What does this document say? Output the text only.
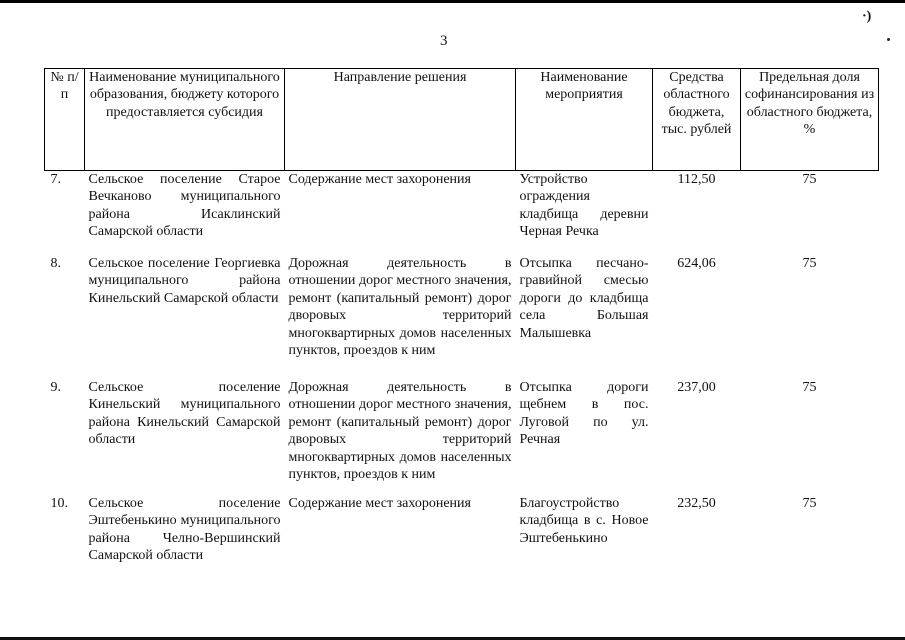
·)
3
№ п/п	Наименование муниципального образования, бюджету которого предоставляется субсидия	Направление решения	Наименование мероприятия	Средства областного бюджета, тыс. рублей	Предельная доля софинансирования из областного бюджета, %
7.	Сельское поселение Старое Вечканово муниципального района Исаклинский Самарской области	Содержание мест захоронения	Устройство ограждения кладбища деревни Черная Речка	112,50	75
8.	Сельское поселение Георгиевка муниципального района Кинельский Самарской области	Дорожная деятельность в отношении дорог местного значения, ремонт (капитальный ремонт) дорог дворовых территорий многоквартирных домов населенных пунктов, проездов к ним	Отсыпка песчано-гравийной смесью дороги до кладбища села Большая Малышевка	624,06	75
9.	Сельское поселение Кинельский муниципального района Кинельский Самарской области	Дорожная деятельность в отношении дорог местного значения, ремонт (капитальный ремонт) дорог дворовых территорий многоквартирных домов населенных пунктов, проездов к ним	Отсыпка дороги щебнем в пос. Луговой по ул. Речная	237,00	75
10.	Сельское поселение Эштебенькино муниципального района Челно-Вершинский Самарской области	Содержание мест захоронения	Благоустройство кладбища в с. Новое Эштебенькино	232,50	75
